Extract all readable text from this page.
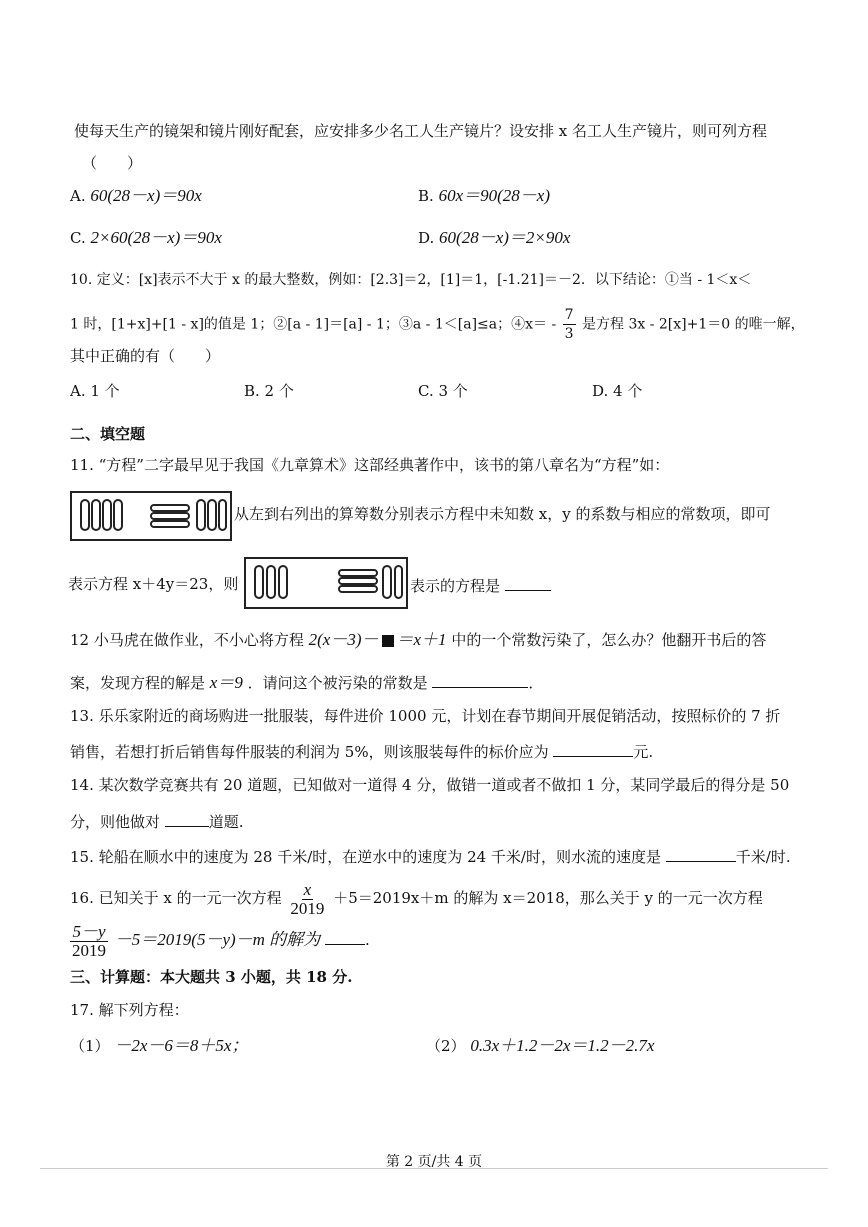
使每天生产的镜架和镜片刚好配套，应安排多少名工人生产镜片？设安排 x 名工人生产镜片，则可列方程
（　　）
A. 60(28－x)＝90x	B. 60x＝90(28－x)
C. 2×60(28－x)＝90x	D. 60(28－x)＝2×90x
10. 定义：[x]表示不大于 x 的最大整数，例如：[2.3]＝2，[1]＝1，[-1.21]＝－2．以下结论：①当 - 1＜x＜
1 时，[1+x]+[1 - x]的值是 1；②[a - 1]＝[a] - 1；③a - 1＜[a]≤a；④x＝ - $\frac{7}{3}$ 是方程 3x - 2[x]+1＝0 的唯一解，
其中正确的有（　　）
A. 1 个	B. 2 个	C. 3 个	D. 4 个
二、填空题
11. “方程”二字最早见于我国《九章算术》这部经典著作中，该书的第八章名为“方程”如：
从左到右列出的算筹数分别表示方程中未知数 x，y 的系数与相应的常数项，即可
表示方程 x＋4y＝23，则	表示的方程是
12 小马虎在做作业，不小心将方程 2(x－3)－ ＝x＋1 中的一个常数污染了，怎么办？他翻开书后的答
案，发现方程的解是 x＝9 ．请问这个被污染的常数是	．
13. 乐乐家附近的商场购进一批服装，每件进价 1000 元，计划在春节期间开展促销活动，按照标价的 7 折
销售，若想打折后销售每件服装的利润为 5%，则该服装每件的标价应为	元.
14. 某次数学竞赛共有 20 道题，已知做对一道得 4 分，做错一道或者不做扣 1 分，某同学最后的得分是 50
分，则他做对	道题.
15. 轮船在顺水中的速度为 28 千米/时，在逆水中的速度为 24 千米/时，则水流的速度是	千米/时.
16. 已知关于 x 的一元一次方程 $\frac{x}{2019} +5=2019x+m$ 的解为 x＝2018，那么关于 y 的一元一次方程
$\frac{5-y}{2019} -5=2019(5-y)-m$ 的解为	.
三、计算题：本大题共 3 小题，共 18 分.
17. 解下列方程：
（1） －2x－6＝8＋5x；	（2） 0.3x＋1.2－2x＝1.2－2.7x
第 2 页/共 4 页
